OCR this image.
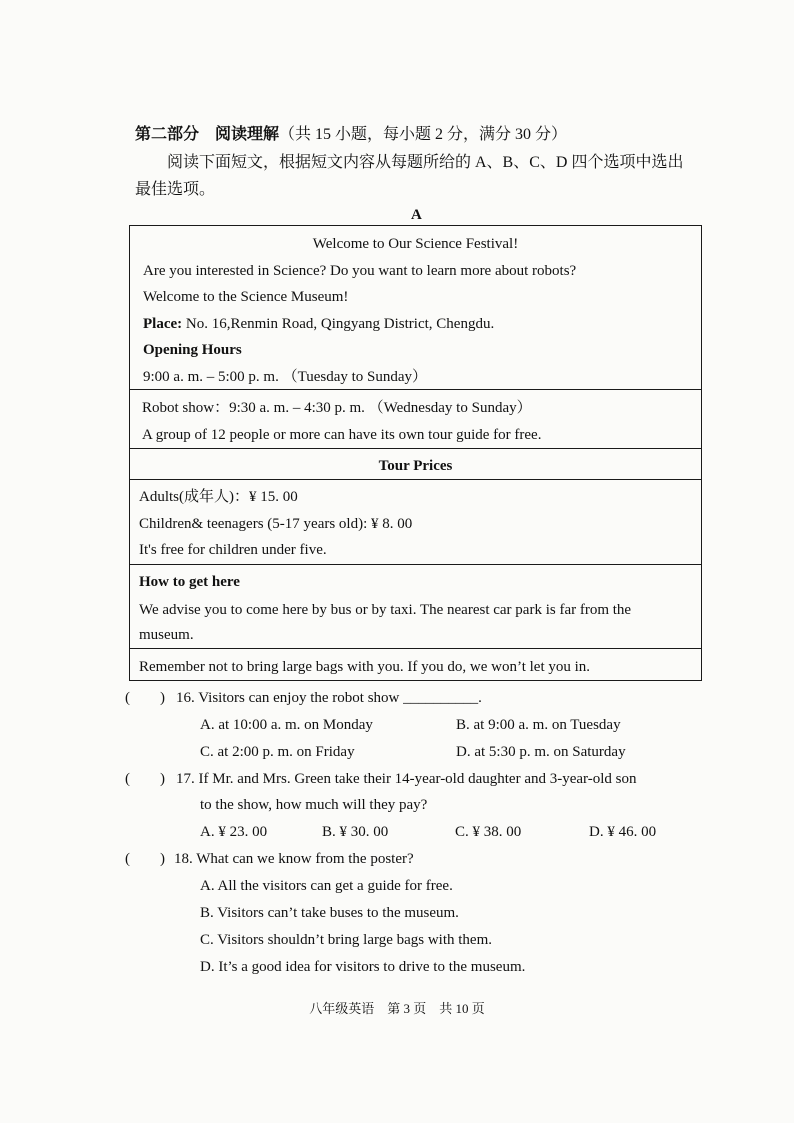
第二部分　阅读理解（共 15 小题，每小题 2 分，满分 30 分）
阅读下面短文，根据短文内容从每题所给的 A、B、C、D 四个选项中选出
最佳选项。
A
Welcome to Our Science Festival!
Are you interested in Science? Do you want to learn more about robots?
Welcome to the Science Museum!
Place: No. 16,Renmin Road, Qingyang District, Chengdu.
Opening Hours
9:00 a. m. – 5:00 p. m. （Tuesday to Sunday）
Robot show：9:30 a. m. – 4:30 p. m. （Wednesday to Sunday）
A group of 12 people or more can have its own tour guide for free.
Tour Prices
Adults(成年人)：¥ 15. 00
Children& teenagers (5-17 years old): ¥ 8. 00
It's free for children under five.
How to get here
We advise you to come here by bus or by taxi. The nearest car park is far from the
museum.
Remember not to bring large bags with you. If you do, we won’t let you in.
(　　) 16. Visitors can enjoy the robot show __________.
A. at 10:00 a. m. on Monday	B. at 9:00 a. m. on Tuesday
C. at 2:00 p. m. on Friday	D. at 5:30 p. m. on Saturday
(　　) 17. If Mr. and Mrs. Green take their 14-year-old daughter and 3-year-old son
to the show, how much will they pay?
A. ¥ 23. 00	B. ¥ 30. 00	C. ¥ 38. 00	D. ¥ 46. 00
(　　) 18. What can we know from the poster?
A. All the visitors can get a guide for free.
B. Visitors can’t take buses to the museum.
C. Visitors shouldn’t bring large bags with them.
D. It’s a good idea for visitors to drive to the museum.
八年级英语　第 3 页　共 10 页
